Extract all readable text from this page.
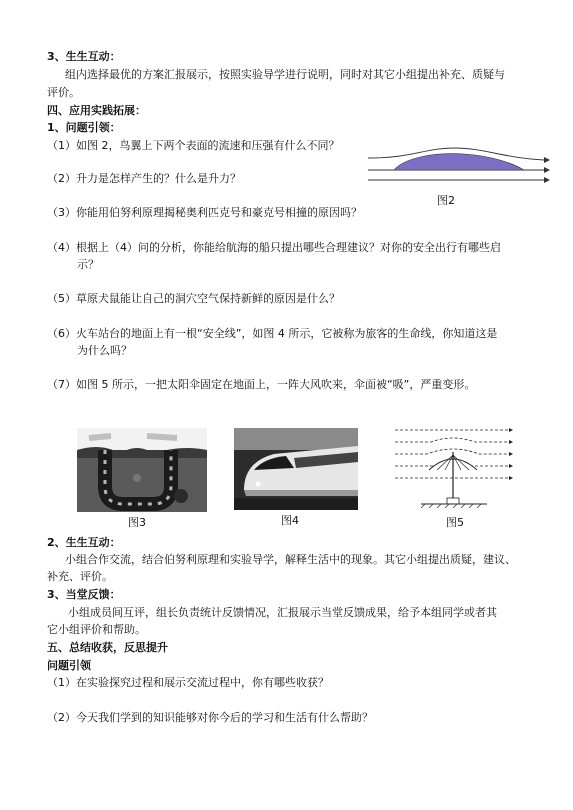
3、生生互动：
组内选择最优的方案汇报展示，按照实验导学进行说明，同时对其它小组提出补充、质疑与
评价。
四、应用实践拓展：
1、问题引领：
（1）如图 2，鸟翼上下两个表面的流速和压强有什么不同？
（2）升力是怎样产生的？什么是升力？
图2
（3）你能用伯努利原理揭秘奥利匹克号和豪克号相撞的原因吗？
（4）根据上（4）问的分析，你能给航海的船只提出哪些合理建议？对你的安全出行有哪些启
示？
（5）草原犬鼠能让自己的洞穴空气保持新鲜的原因是什么？
（6）火车站台的地面上有一根“安全线”，如图 4 所示，它被称为旅客的生命线，你知道这是
为什么吗？
（7）如图 5 所示，一把太阳伞固定在地面上，一阵大风吹来，伞面被“吸”，严重变形。
图3	图4	图5
2、生生互动：
小组合作交流，结合伯努利原理和实验导学，解释生活中的现象。其它小组提出质疑，建议、
补充、评价。
3、当堂反馈：
小组成员间互评，组长负责统计反馈情况，汇报展示当堂反馈成果，给予本组同学或者其
它小组评价和帮助。
五、总结收获，反思提升
问题引领
（1）在实验探究过程和展示交流过程中，你有哪些收获？
（2）今天我们学到的知识能够对你今后的学习和生活有什么帮助？
